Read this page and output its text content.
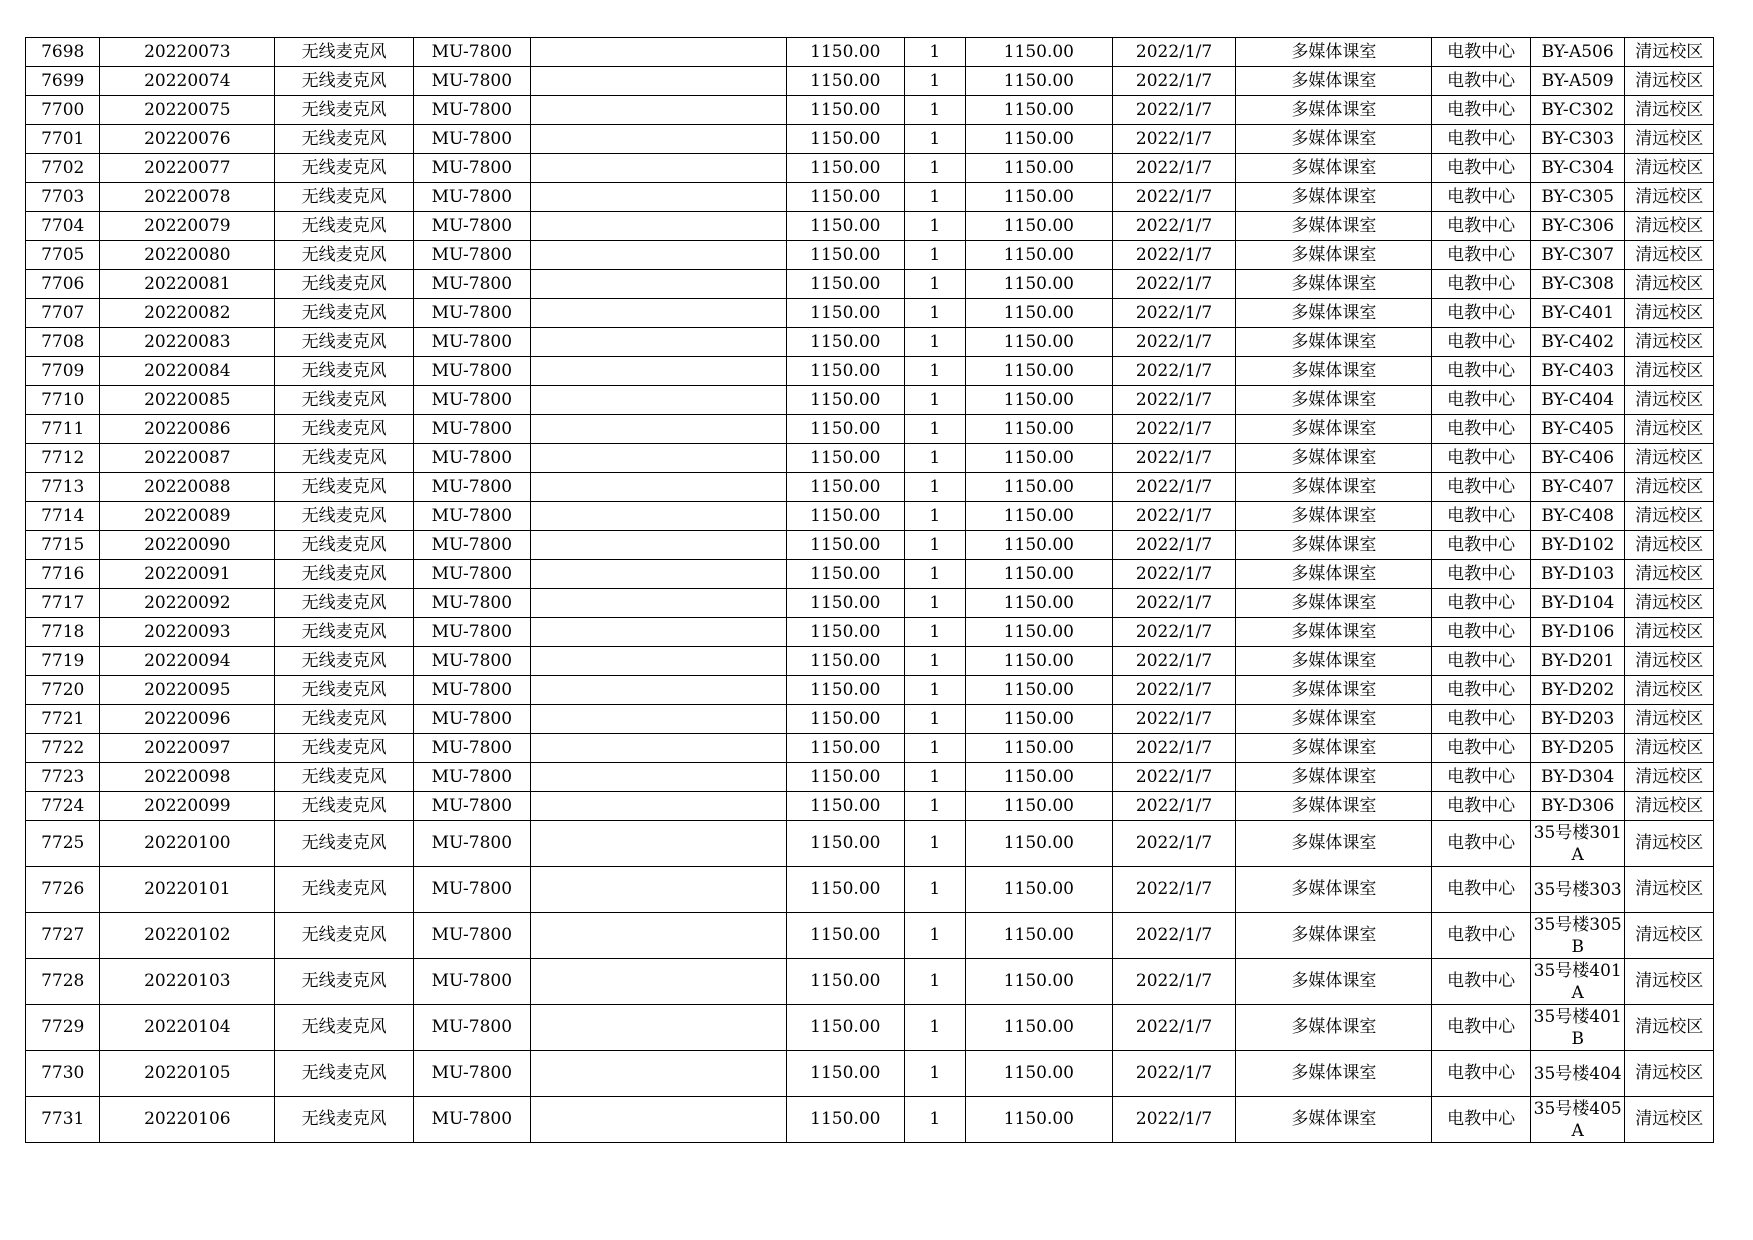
7698	20220073	无线麦克风	MU-7800		1150.00	1	1150.00	2022/1/7	多媒体课室	电教中心	BY-A506	清远校区
7699	20220074	无线麦克风	MU-7800		1150.00	1	1150.00	2022/1/7	多媒体课室	电教中心	BY-A509	清远校区
7700	20220075	无线麦克风	MU-7800		1150.00	1	1150.00	2022/1/7	多媒体课室	电教中心	BY-C302	清远校区
7701	20220076	无线麦克风	MU-7800		1150.00	1	1150.00	2022/1/7	多媒体课室	电教中心	BY-C303	清远校区
7702	20220077	无线麦克风	MU-7800		1150.00	1	1150.00	2022/1/7	多媒体课室	电教中心	BY-C304	清远校区
7703	20220078	无线麦克风	MU-7800		1150.00	1	1150.00	2022/1/7	多媒体课室	电教中心	BY-C305	清远校区
7704	20220079	无线麦克风	MU-7800		1150.00	1	1150.00	2022/1/7	多媒体课室	电教中心	BY-C306	清远校区
7705	20220080	无线麦克风	MU-7800		1150.00	1	1150.00	2022/1/7	多媒体课室	电教中心	BY-C307	清远校区
7706	20220081	无线麦克风	MU-7800		1150.00	1	1150.00	2022/1/7	多媒体课室	电教中心	BY-C308	清远校区
7707	20220082	无线麦克风	MU-7800		1150.00	1	1150.00	2022/1/7	多媒体课室	电教中心	BY-C401	清远校区
7708	20220083	无线麦克风	MU-7800		1150.00	1	1150.00	2022/1/7	多媒体课室	电教中心	BY-C402	清远校区
7709	20220084	无线麦克风	MU-7800		1150.00	1	1150.00	2022/1/7	多媒体课室	电教中心	BY-C403	清远校区
7710	20220085	无线麦克风	MU-7800		1150.00	1	1150.00	2022/1/7	多媒体课室	电教中心	BY-C404	清远校区
7711	20220086	无线麦克风	MU-7800		1150.00	1	1150.00	2022/1/7	多媒体课室	电教中心	BY-C405	清远校区
7712	20220087	无线麦克风	MU-7800		1150.00	1	1150.00	2022/1/7	多媒体课室	电教中心	BY-C406	清远校区
7713	20220088	无线麦克风	MU-7800		1150.00	1	1150.00	2022/1/7	多媒体课室	电教中心	BY-C407	清远校区
7714	20220089	无线麦克风	MU-7800		1150.00	1	1150.00	2022/1/7	多媒体课室	电教中心	BY-C408	清远校区
7715	20220090	无线麦克风	MU-7800		1150.00	1	1150.00	2022/1/7	多媒体课室	电教中心	BY-D102	清远校区
7716	20220091	无线麦克风	MU-7800		1150.00	1	1150.00	2022/1/7	多媒体课室	电教中心	BY-D103	清远校区
7717	20220092	无线麦克风	MU-7800		1150.00	1	1150.00	2022/1/7	多媒体课室	电教中心	BY-D104	清远校区
7718	20220093	无线麦克风	MU-7800		1150.00	1	1150.00	2022/1/7	多媒体课室	电教中心	BY-D106	清远校区
7719	20220094	无线麦克风	MU-7800		1150.00	1	1150.00	2022/1/7	多媒体课室	电教中心	BY-D201	清远校区
7720	20220095	无线麦克风	MU-7800		1150.00	1	1150.00	2022/1/7	多媒体课室	电教中心	BY-D202	清远校区
7721	20220096	无线麦克风	MU-7800		1150.00	1	1150.00	2022/1/7	多媒体课室	电教中心	BY-D203	清远校区
7722	20220097	无线麦克风	MU-7800		1150.00	1	1150.00	2022/1/7	多媒体课室	电教中心	BY-D205	清远校区
7723	20220098	无线麦克风	MU-7800		1150.00	1	1150.00	2022/1/7	多媒体课室	电教中心	BY-D304	清远校区
7724	20220099	无线麦克风	MU-7800		1150.00	1	1150.00	2022/1/7	多媒体课室	电教中心	BY-D306	清远校区
7725	20220100	无线麦克风	MU-7800		1150.00	1	1150.00	2022/1/7	多媒体课室	电教中心	35号楼301A	清远校区
7726	20220101	无线麦克风	MU-7800		1150.00	1	1150.00	2022/1/7	多媒体课室	电教中心	35号楼303	清远校区
7727	20220102	无线麦克风	MU-7800		1150.00	1	1150.00	2022/1/7	多媒体课室	电教中心	35号楼305B	清远校区
7728	20220103	无线麦克风	MU-7800		1150.00	1	1150.00	2022/1/7	多媒体课室	电教中心	35号楼401A	清远校区
7729	20220104	无线麦克风	MU-7800		1150.00	1	1150.00	2022/1/7	多媒体课室	电教中心	35号楼401B	清远校区
7730	20220105	无线麦克风	MU-7800		1150.00	1	1150.00	2022/1/7	多媒体课室	电教中心	35号楼404	清远校区
7731	20220106	无线麦克风	MU-7800		1150.00	1	1150.00	2022/1/7	多媒体课室	电教中心	35号楼405A	清远校区
